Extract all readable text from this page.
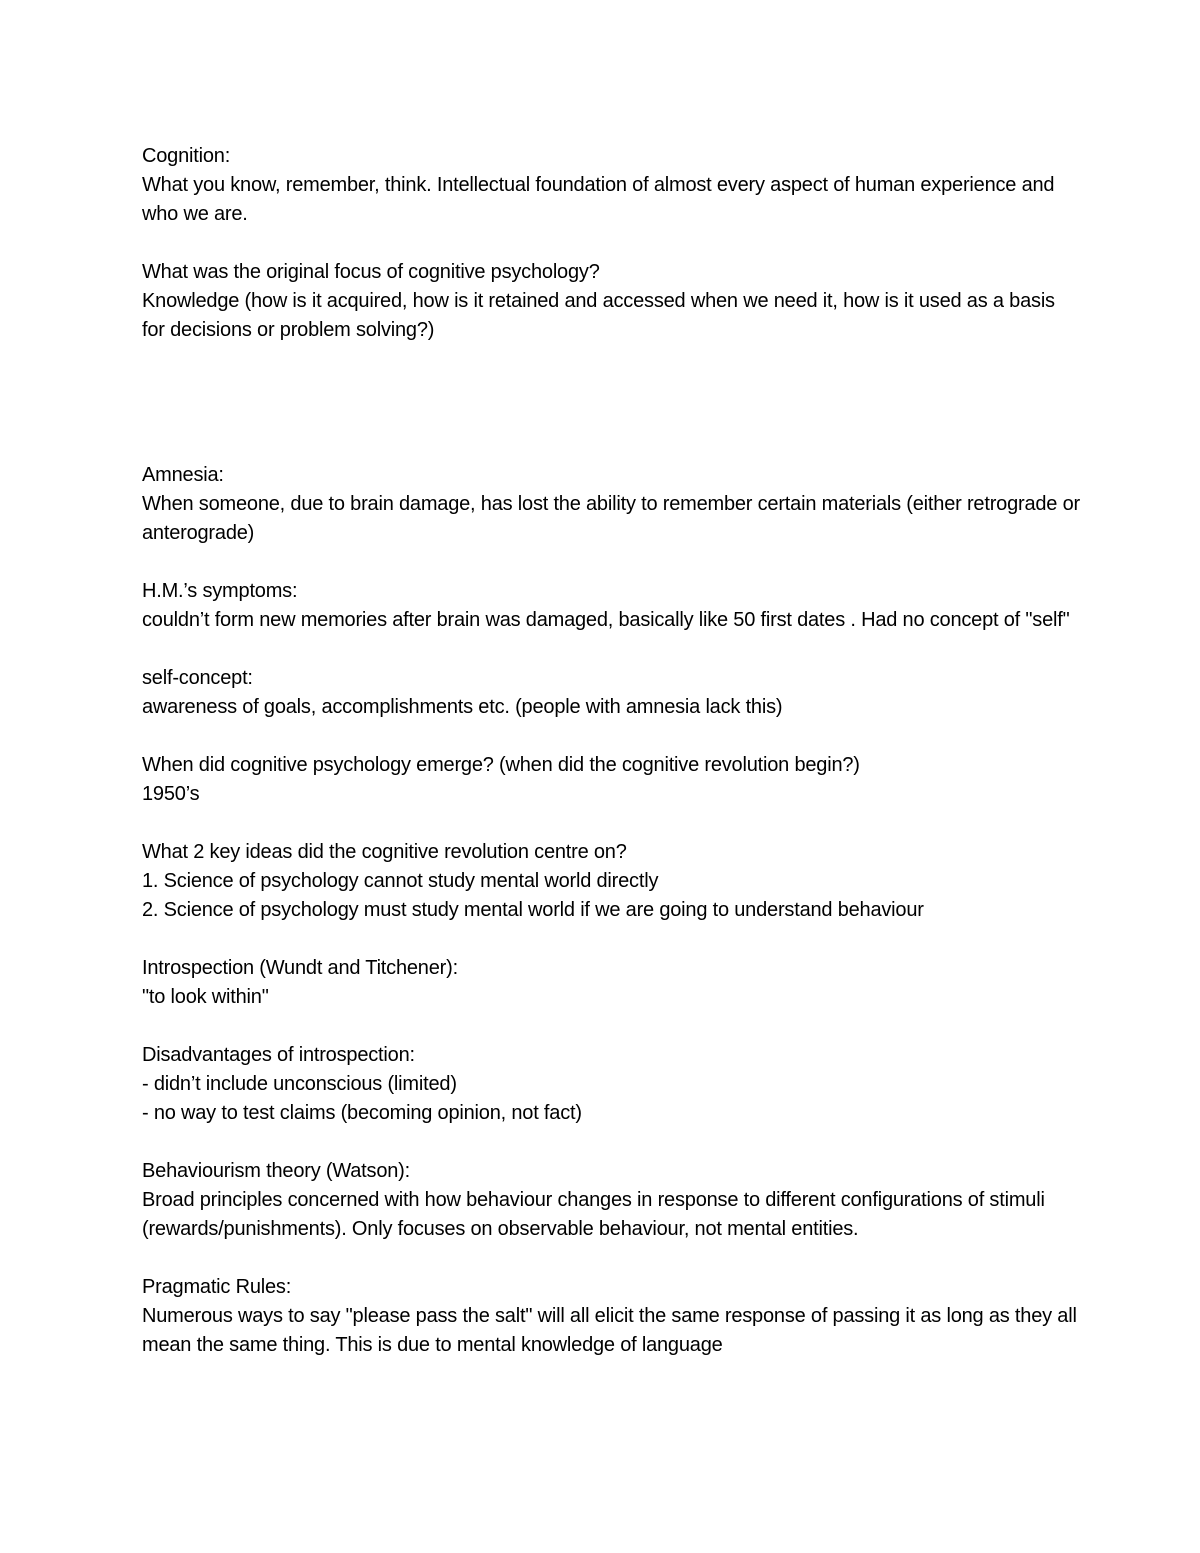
Cognition:
What you know, remember, think. Intellectual foundation of almost every aspect of human experience and who we are.
What was the original focus of cognitive psychology?
Knowledge (how is it acquired, how is it retained and accessed when we need it, how is it used as a basis for decisions or problem solving?)
Amnesia:
When someone, due to brain damage, has lost the ability to remember certain materials (either retrograde or anterograde)
H.M.’s symptoms:
couldn’t form new memories after brain was damaged, basically like 50 first dates . Had no concept of "self"
self-concept:
awareness of goals, accomplishments etc. (people with amnesia lack this)
When did cognitive psychology emerge? (when did the cognitive revolution begin?)
1950’s
What 2 key ideas did the cognitive revolution centre on?
1. Science of psychology cannot study mental world directly
2. Science of psychology must study mental world if we are going to understand behaviour
Introspection (Wundt and Titchener):
"to look within"
Disadvantages of introspection:
- didn’t include unconscious (limited)
- no way to test claims (becoming opinion, not fact)
Behaviourism theory (Watson):
Broad principles concerned with how behaviour changes in response to different configurations of stimuli (rewards/punishments). Only focuses on observable behaviour, not mental entities.
Pragmatic Rules:
Numerous ways to say "please pass the salt" will all elicit the same response of passing it as long as they all mean the same thing. This is due to mental knowledge of language
